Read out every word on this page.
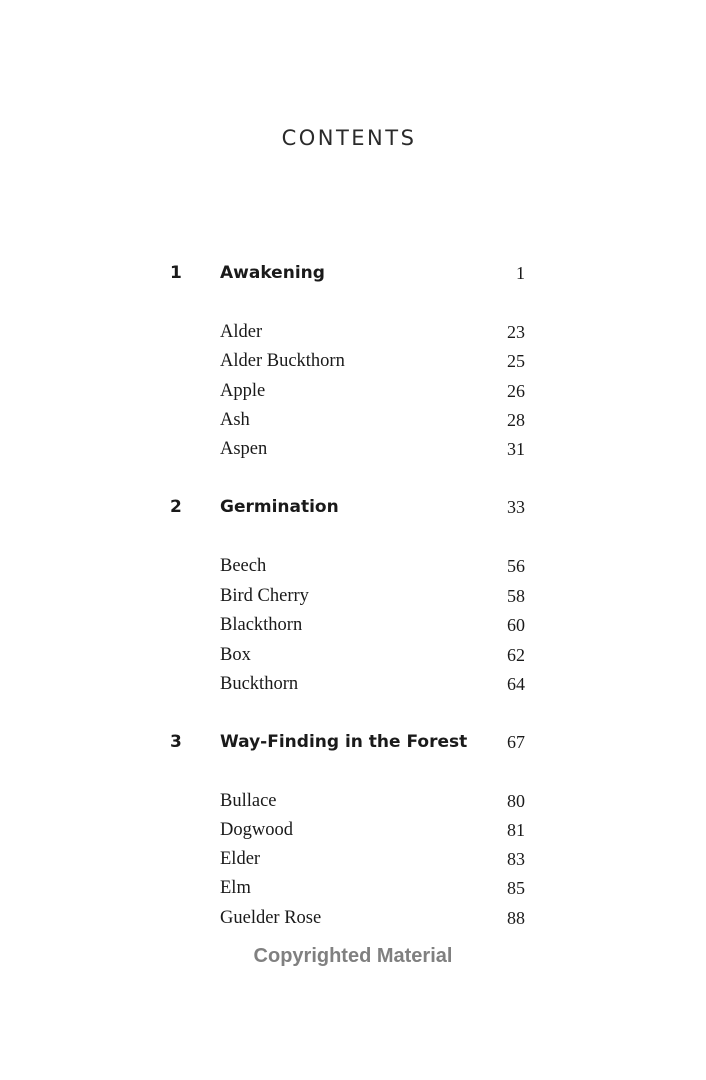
CONTENTS
1 Awakening	1
Alder	23
Alder Buckthorn	25
Apple	26
Ash	28
Aspen	31
2 Germination	33
Beech	56
Bird Cherry	58
Blackthorn	60
Box	62
Buckthorn	64
3 Way-Finding in the Forest 67
Bullace	80
Dogwood	81
Elder	83
Elm	85
Guelder Rose	88
Copyrighted Material
